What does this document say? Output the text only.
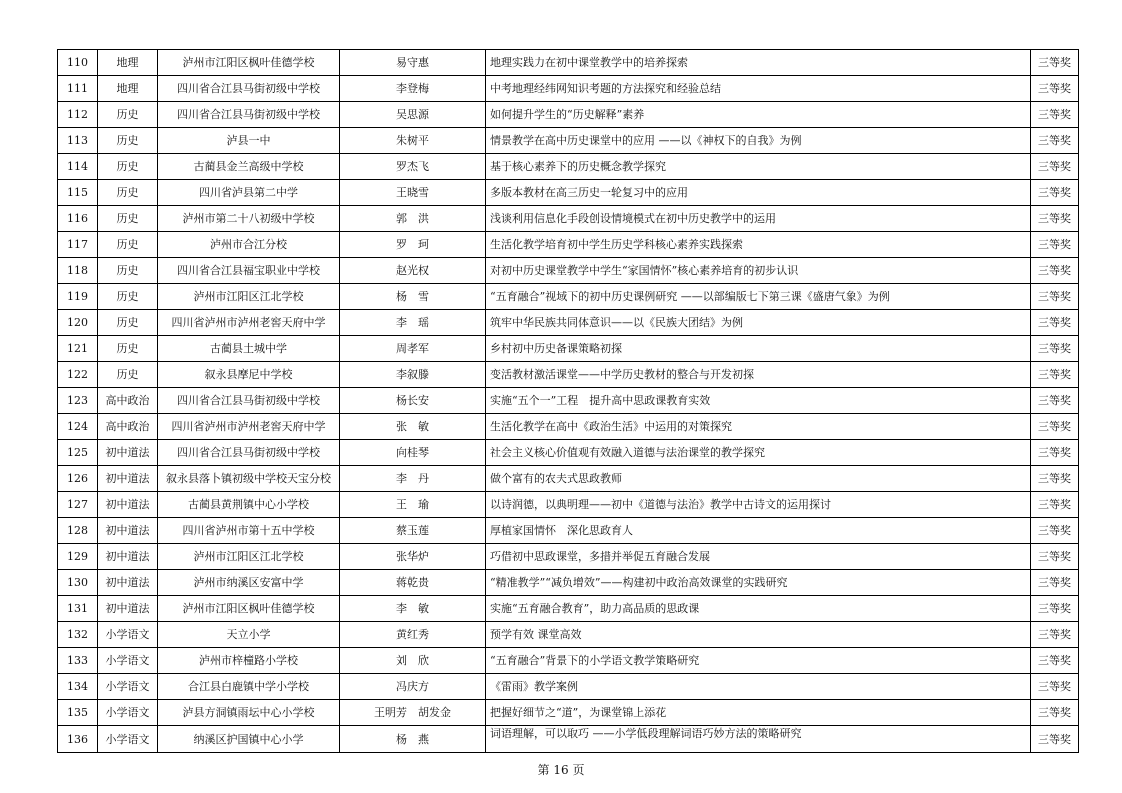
110	地理	泸州市江阳区枫叶佳德学校	易守惠	地理实践力在初中课堂教学中的培养探索	三等奖
111	地理	四川省合江县马街初级中学校	李登梅	中考地理经纬网知识考题的方法探究和经验总结	三等奖
112	历史	四川省合江县马街初级中学校	吴思源	如何提升学生的“历史解释”素养	三等奖
113	历史	泸县一中	朱树平	情景教学在高中历史课堂中的应用 ——以《神权下的自我》为例	三等奖
114	历史	古蔺县金兰高级中学校	罗杰飞	基于核心素养下的历史概念教学探究	三等奖
115	历史	四川省泸县第二中学	王晓雪	多版本教材在高三历史一轮复习中的应用	三等奖
116	历史	泸州市第二十八初级中学校	郭　洪	浅谈利用信息化手段创设情境模式在初中历史教学中的运用	三等奖
117	历史	泸州市合江分校	罗　珂	生活化教学培育初中学生历史学科核心素养实践探索	三等奖
118	历史	四川省合江县福宝职业中学校	赵光权	对初中历史课堂教学中学生“家国情怀”核心素养培育的初步认识	三等奖
119	历史	泸州市江阳区江北学校	杨　雪	“五育融合”视域下的初中历史课例研究 ——以部编版七下第三课《盛唐气象》为例	三等奖
120	历史	四川省泸州市泸州老窖天府中学	李　瑶	筑牢中华民族共同体意识——以《民族大团结》为例	三等奖
121	历史	古蔺县土城中学	周孝军	乡村初中历史备课策略初探	三等奖
122	历史	叙永县摩尼中学校	李叙滕	变活教材激活课堂——中学历史教材的整合与开发初探	三等奖
123	高中政治	四川省合江县马街初级中学校	杨长安	实施“五个一”工程　提升高中思政课教育实效	三等奖
124	高中政治	四川省泸州市泸州老窖天府中学	张　敏	生活化教学在高中《政治生活》中运用的对策探究	三等奖
125	初中道法	四川省合江县马街初级中学校	向桂琴	社会主义核心价值观有效融入道德与法治课堂的教学探究	三等奖
126	初中道法	叙永县落卜镇初级中学校天宝分校	李　丹	做个富有的农夫式思政教师	三等奖
127	初中道法	古蔺县黄荆镇中心小学校	王　瑜	以诗润德，以典明理——初中《道德与法治》教学中古诗文的运用探讨	三等奖
128	初中道法	四川省泸州市第十五中学校	蔡玉莲	厚植家国情怀　深化思政育人	三等奖
129	初中道法	泸州市江阳区江北学校	张华炉	巧借初中思政课堂，多措并举促五育融合发展	三等奖
130	初中道法	泸州市纳溪区安富中学	蒋乾贵	“精准教学”“减负增效”——构建初中政治高效课堂的实践研究	三等奖
131	初中道法	泸州市江阳区枫叶佳德学校	李　敏	实施“五育融合教育”，助力高品质的思政课	三等奖
132	小学语文	天立小学	黄红秀	预学有效 课堂高效	三等奖
133	小学语文	泸州市梓橦路小学校	刘　欣	“五育融合”背景下的小学语文教学策略研究	三等奖
134	小学语文	合江县白鹿镇中学小学校	冯庆方	《雷雨》教学案例	三等奖
135	小学语文	泸县方洞镇雨坛中心小学校	王明芳　胡发金	把握好细节之“道”，为课堂锦上添花	三等奖
136	小学语文	纳溪区护国镇中心小学	杨　燕	词语理解，可以取巧 ——小学低段理解词语巧妙方法的策略研究	三等奖
第 16 页
